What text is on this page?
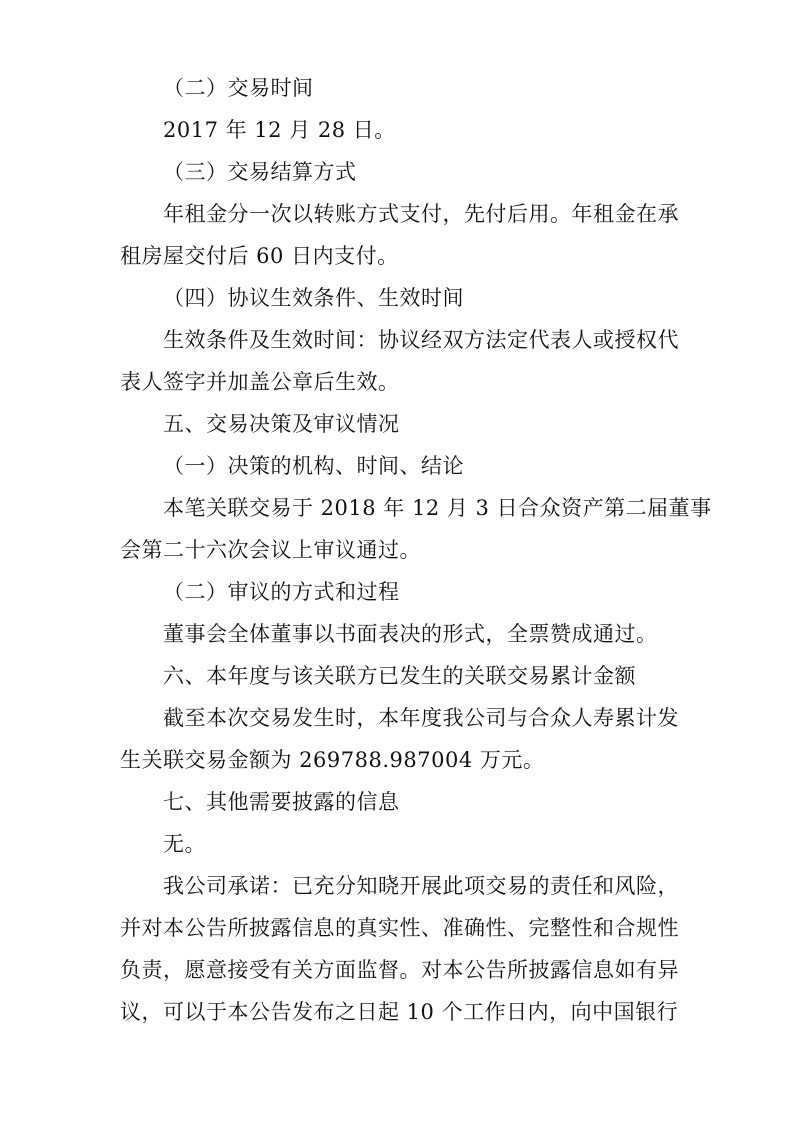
（二）交易时间
2017 年 12 月 28 日。
（三）交易结算方式
年租金分一次以转账方式支付，先付后用。年租金在承
租房屋交付后 60 日内支付。
（四）协议生效条件、生效时间
生效条件及生效时间：协议经双方法定代表人或授权代
表人签字并加盖公章后生效。
五、交易决策及审议情况
（一）决策的机构、时间、结论
本笔关联交易于 2018 年 12 月 3 日合众资产第二届董事
会第二十六次会议上审议通过。
（二）审议的方式和过程
董事会全体董事以书面表决的形式，全票赞成通过。
六、本年度与该关联方已发生的关联交易累计金额
截至本次交易发生时，本年度我公司与合众人寿累计发
生关联交易金额为 269788.987004 万元。
七、其他需要披露的信息
无。
我公司承诺：已充分知晓开展此项交易的责任和风险，
并对本公告所披露信息的真实性、准确性、完整性和合规性
负责，愿意接受有关方面监督。对本公告所披露信息如有异
议，可以于本公告发布之日起 10 个工作日内，向中国银行
